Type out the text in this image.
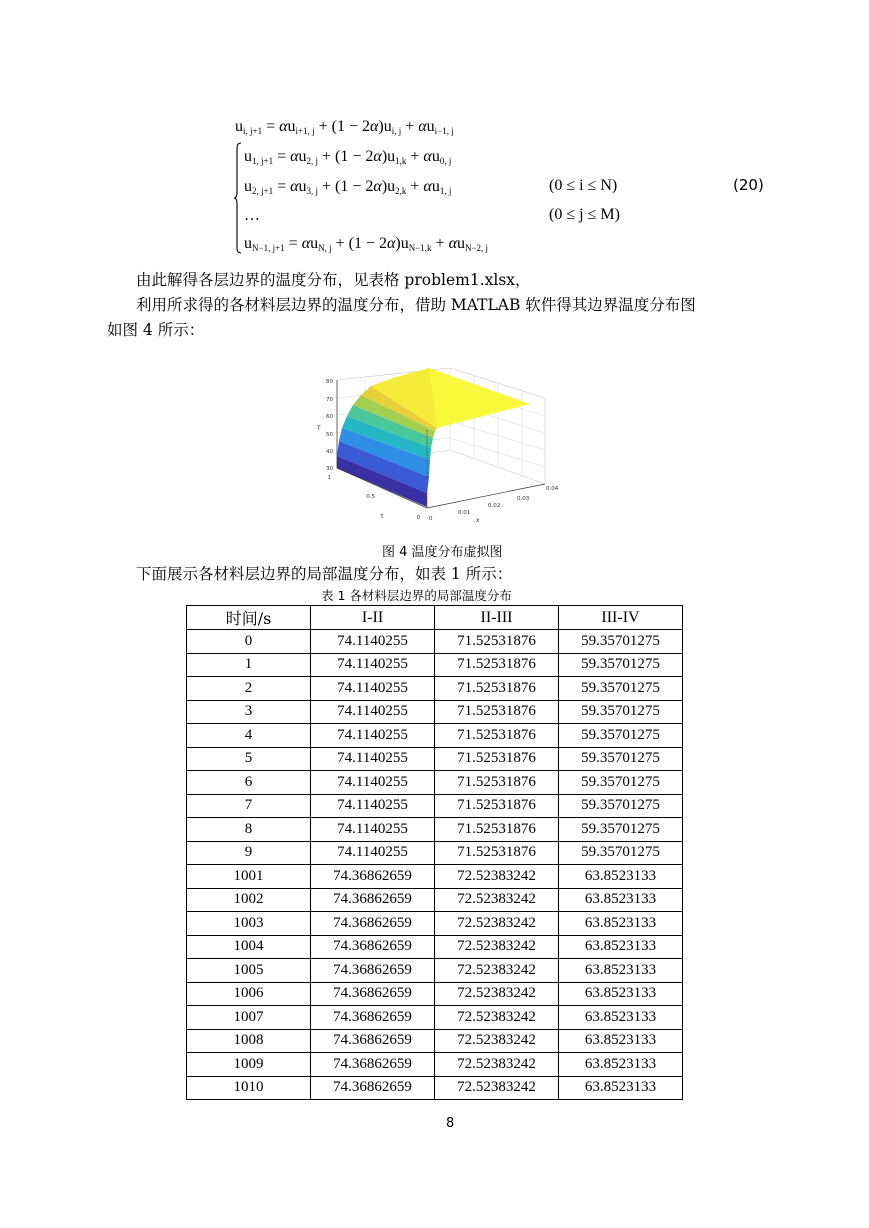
$u_{i, j+1} = \alpha u_{i+1, j} + (1 - 2\alpha)u_{i, j} + \alpha u_{i-1, j}$
$u_{1, j+1} = \alpha u_{2, j} + (1 - 2\alpha)u_{1,k} + \alpha u_{0, j}$
$u_{2, j+1} = \alpha u_{3, j} + (1 - 2\alpha)u_{2,k} + \alpha u_{1, j}$
…
$u_{N-1, j+1} = \alpha u_{N, j} + (1 - 2\alpha)u_{N-1,k} + \alpha u_{N-2, j}$
(0 ≤ i ≤ N)
(0 ≤ j ≤ M)
(20)
由此解得各层边界的温度分布，见表格 problem1.xlsx，
利用所求得的各材料层边界的温度分布，借助 MATLAB 软件得其边界温度分布图
如图 4 所示：
80
70
60
50
40
30
T
1
0.5
0
t	0
0.01
0.02
0.03
0.04
x
图 4 温度分布虚拟图
下面展示各材料层边界的局部温度分布，如表 1 所示：
表 1 各材料层边界的局部温度分布
时间/s	I-II	II-III	III-IV
0	74.1140255	71.52531876	59.35701275
1	74.1140255	71.52531876	59.35701275
2	74.1140255	71.52531876	59.35701275
3	74.1140255	71.52531876	59.35701275
4	74.1140255	71.52531876	59.35701275
5	74.1140255	71.52531876	59.35701275
6	74.1140255	71.52531876	59.35701275
7	74.1140255	71.52531876	59.35701275
8	74.1140255	71.52531876	59.35701275
9	74.1140255	71.52531876	59.35701275
1001	74.36862659	72.52383242	63.8523133
1002	74.36862659	72.52383242	63.8523133
1003	74.36862659	72.52383242	63.8523133
1004	74.36862659	72.52383242	63.8523133
1005	74.36862659	72.52383242	63.8523133
1006	74.36862659	72.52383242	63.8523133
1007	74.36862659	72.52383242	63.8523133
1008	74.36862659	72.52383242	63.8523133
1009	74.36862659	72.52383242	63.8523133
1010	74.36862659	72.52383242	63.8523133
8
